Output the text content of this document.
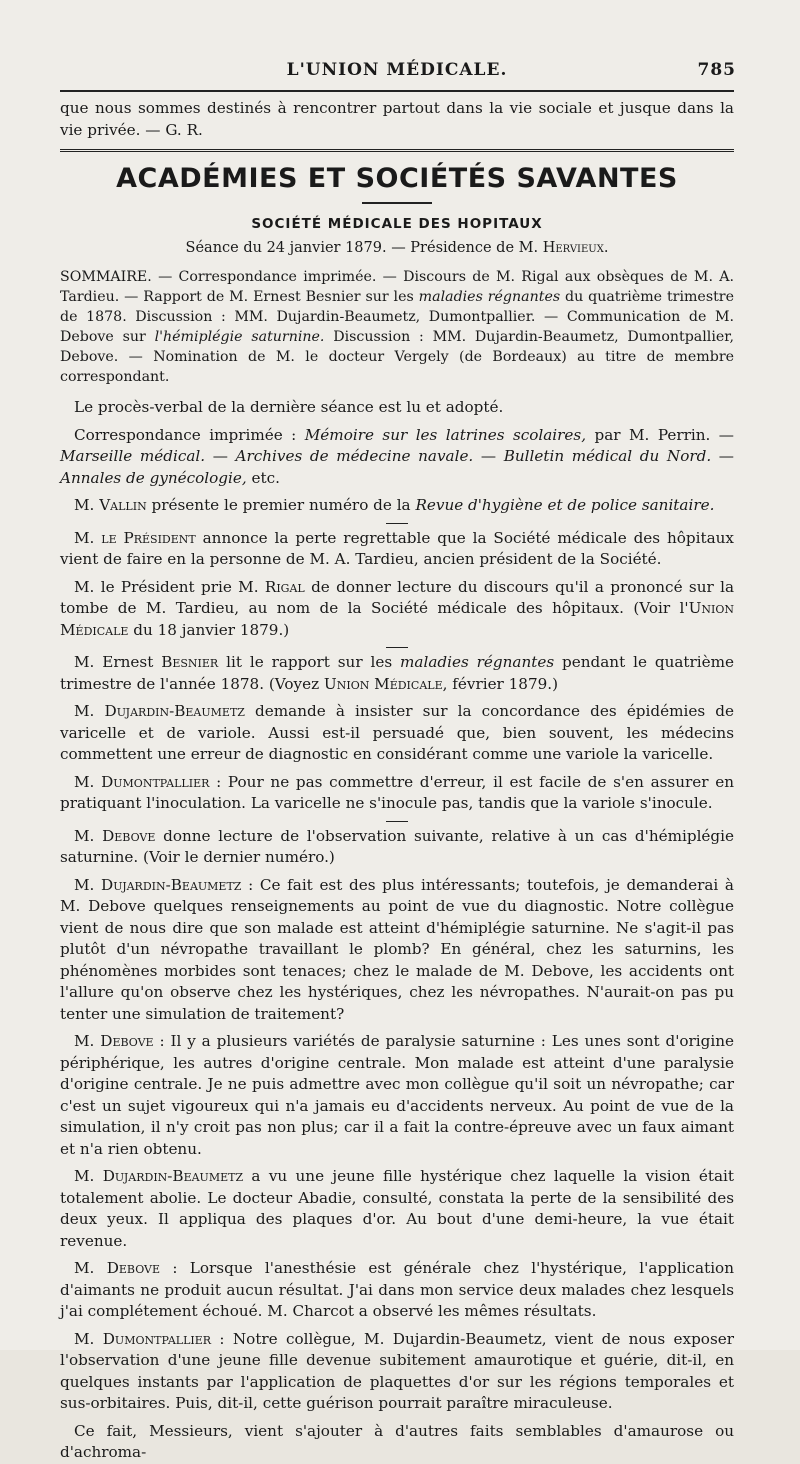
L'UNION MÉDICALE.	785

que nous sommes destinés à rencontrer partout dans la vie sociale et jusque dans la vie privée. — G. R.

ACADÉMIES ET SOCIÉTÉS SAVANTES
SOCIÉTÉ MÉDICALE DES HOPITAUX
Séance du 24 janvier 1879. — Présidence de M. Hervieux.

SOMMAIRE. — Correspondance imprimée. — Discours de M. Rigal aux obsèques de M. A. Tardieu. — Rapport de M. Ernest Besnier sur les maladies régnantes du quatrième trimestre de 1878. Discussion : MM. Dujardin-Beaumetz, Dumontpallier. — Communication de M. Debove sur l'hémiplégie saturnine. Discussion : MM. Dujardin-Beaumetz, Dumontpallier, Debove. — Nomination de M. le docteur Vergely (de Bordeaux) au titre de membre correspondant.

Le procès-verbal de la dernière séance est lu et adopté.

Correspondance imprimée : Mémoire sur les latrines scolaires, par M. Perrin. — Marseille médical. — Archives de médecine navale. — Bulletin médical du Nord. — Annales de gynécologie, etc.

M. Vallin présente le premier numéro de la Revue d'hygiène et de police sanitaire.

M. le Président annonce la perte regrettable que la Société médicale des hôpitaux vient de faire en la personne de M. A. Tardieu, ancien président de la Société.

M. le Président prie M. Rigal de donner lecture du discours qu'il a prononcé sur la tombe de M. Tardieu, au nom de la Société médicale des hôpitaux. (Voir l'Union Médicale du 18 janvier 1879.)

M. Ernest Besnier lit le rapport sur les maladies régnantes pendant le quatrième trimestre de l'année 1878. (Voyez Union Médicale, février 1879.)

M. Dujardin-Beaumetz demande à insister sur la concordance des épidémies de varicelle et de variole. Aussi est-il persuadé que, bien souvent, les médecins commettent une erreur de diagnostic en considérant comme une variole la varicelle.

M. Dumontpallier : Pour ne pas commettre d'erreur, il est facile de s'en assurer en pratiquant l'inoculation. La varicelle ne s'inocule pas, tandis que la variole s'inocule.

M. Debove donne lecture de l'observation suivante, relative à un cas d'hémiplégie saturnine. (Voir le dernier numéro.)

M. Dujardin-Beaumetz : Ce fait est des plus intéressants; toutefois, je demanderai à M. Debove quelques renseignements au point de vue du diagnostic. Notre collègue vient de nous dire que son malade est atteint d'hémiplégie saturnine. Ne s'agit-il pas plutôt d'un névropathe travaillant le plomb? En général, chez les saturnins, les phénomènes morbides sont tenaces; chez le malade de M. Debove, les accidents ont l'allure qu'on observe chez les hystériques, chez les névropathes. N'aurait-on pas pu tenter une simulation de traitement?

M. Debove : Il y a plusieurs variétés de paralysie saturnine : Les unes sont d'origine périphérique, les autres d'origine centrale. Mon malade est atteint d'une paralysie d'origine centrale. Je ne puis admettre avec mon collègue qu'il soit un névropathe; car c'est un sujet vigoureux qui n'a jamais eu d'accidents nerveux. Au point de vue de la simulation, il n'y croit pas non plus; car il a fait la contre-épreuve avec un faux aimant et n'a rien obtenu.

M. Dujardin-Beaumetz a vu une jeune fille hystérique chez laquelle la vision était totalement abolie. Le docteur Abadie, consulté, constata la perte de la sensibilité des deux yeux. Il appliqua des plaques d'or. Au bout d'une demi-heure, la vue était revenue.

M. Debove : Lorsque l'anesthésie est générale chez l'hystérique, l'application d'aimants ne produit aucun résultat. J'ai dans mon service deux malades chez lesquels j'ai complétement échoué. M. Charcot a observé les mêmes résultats.

M. Dumontpallier : Notre collègue, M. Dujardin-Beaumetz, vient de nous exposer l'observation d'une jeune fille devenue subitement amaurotique et guérie, dit-il, en quelques instants par l'application de plaquettes d'or sur les régions temporales et sus-orbitaires. Puis, dit-il, cette guérison pourrait paraître miraculeuse.

Ce fait, Messieurs, vient s'ajouter à d'autres faits semblables d'amaurose ou d'achroma-
